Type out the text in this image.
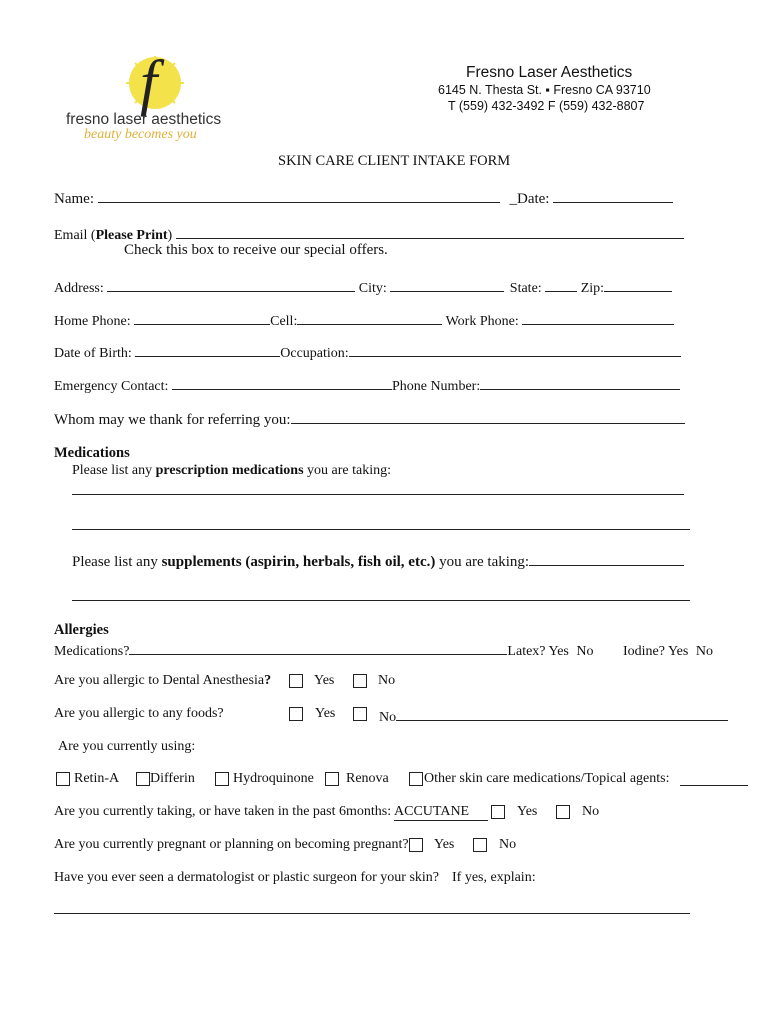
f
fresno laser aesthetics
beauty becomes you
Fresno Laser Aesthetics
6145 N. Thesta St. ▪ Fresno CA 93710
T (559) 432-3492 F (559) 432-8807
SKIN CARE CLIENT INTAKE FORM
Name:	_Date:
Email (Please Print)
Check this box to receive our special offers.
Address:	City:	State:	Zip:
Home Phone:	Cell:	Work Phone:
Date of Birth:	Occupation:
Emergency Contact:	Phone Number:
Whom may we thank for referring you:
Medications
Please list any prescription medications you are taking:
Please list any supplements (aspirin, herbals, fish oil, etc.) you are taking:
Allergies
Medications?	Latex? Yes No Iodine? Yes No
Are you allergic to Dental Anesthesia?	Yes	No
Are you allergic to any foods?	Yes	No
Are you currently using:
Retin-A Differin	Hydroquinone Renova	Other skin care medications/Topical agents:
Are you currently taking, or have taken in the past 6months: ACCUTANE	Yes	No
Are you currently pregnant or planning on becoming pregnant? Yes	No
Have you ever seen a dermatologist or plastic surgeon for your skin? If yes, explain:
